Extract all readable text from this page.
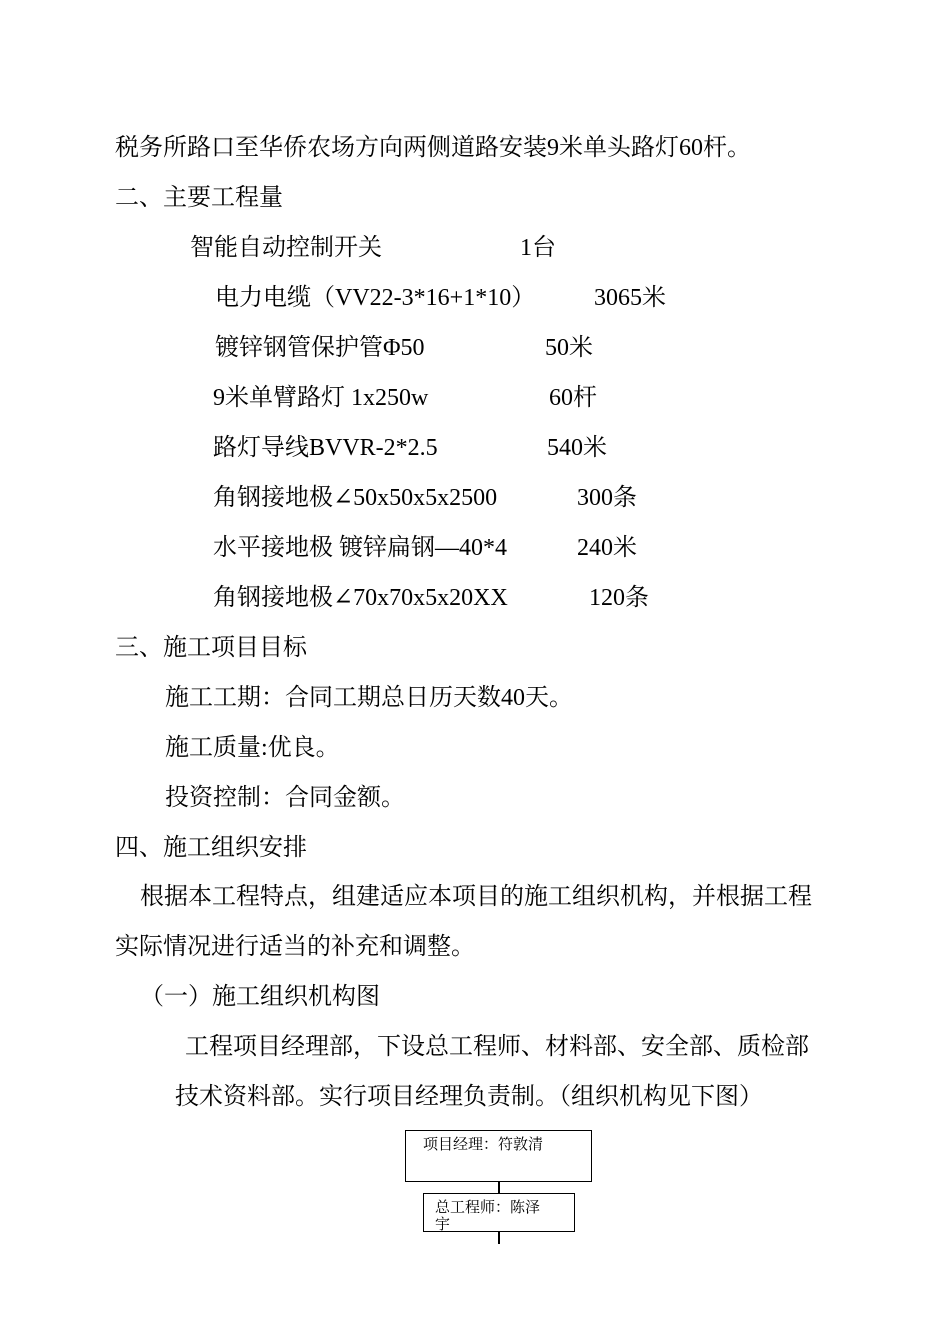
税务所路口至华侨农场方向两侧道路安装9米单头路灯60杆。

二、主要工程量

智能自动控制开关	1台

电力电缆（VV22-3*16+1*10） 3065米

镀锌钢管保护管Φ50	50米

9米单臂路灯 1x250w	60杆

路灯导线BVVR-2*2.5	540米

角钢接地极∠50x50x5x2500	300条

水平接地极 镀锌扁钢—40*4	240米

角钢接地极∠70x70x5x20XX	120条

三、施工项目目标

施工工期：合同工期总日历天数40天。

施工质量:优良。

投资控制：合同金额。

四、施工组织安排

根据本工程特点，组建适应本项目的施工组织机构，并根据工程

实际情况进行适当的补充和调整。

（一）施工组织机构图

工程项目经理部，下设总工程师、材料部、安全部、质检部

技术资料部。实行项目经理负责制。（组织机构见下图）

项目经理：符敦清
总工程师：陈泽
宇
